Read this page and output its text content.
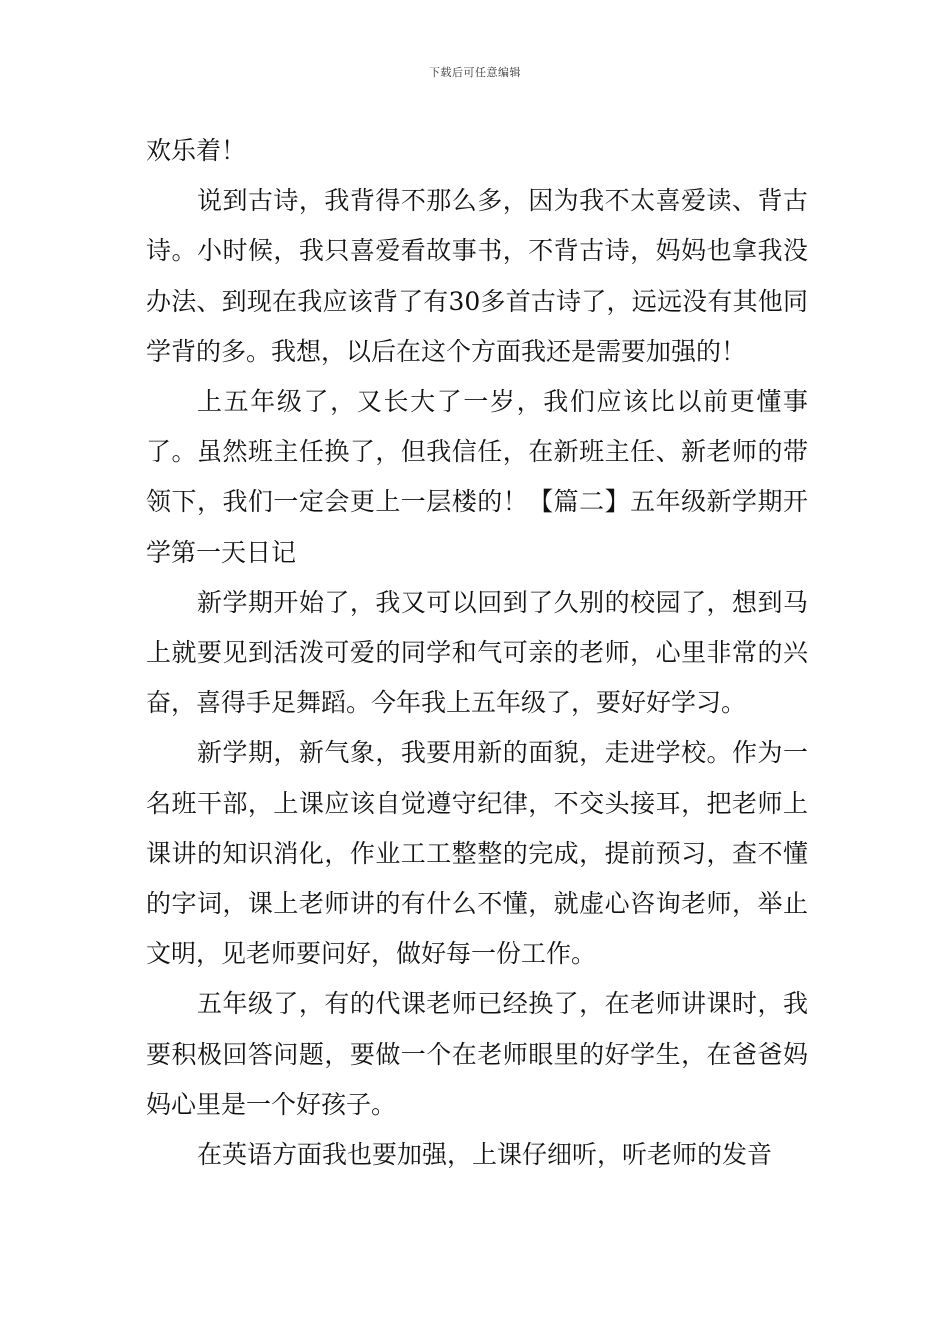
下载后可任意编辑

欢乐着！

说到古诗，我背得不那么多，因为我不太喜爱读、背古诗。小时候，我只喜爱看故事书，不背古诗，妈妈也拿我没办法、到现在我应该背了有30多首古诗了，远远没有其他同学背的多。我想，以后在这个方面我还是需要加强的！

上五年级了，又长大了一岁，我们应该比以前更懂事了。虽然班主任换了，但我信任，在新班主任、新老师的带领下，我们一定会更上一层楼的！【篇二】五年级新学期开学第一天日记

新学期开始了，我又可以回到了久别的校园了，想到马上就要见到活泼可爱的同学和气可亲的老师，心里非常的兴奋，喜得手足舞蹈。今年我上五年级了，要好好学习。

新学期，新气象，我要用新的面貌，走进学校。作为一名班干部，上课应该自觉遵守纪律，不交头接耳，把老师上课讲的知识消化，作业工工整整的完成，提前预习，查不懂的字词，课上老师讲的有什么不懂，就虚心咨询老师，举止文明，见老师要问好，做好每一份工作。

五年级了，有的代课老师已经换了，在老师讲课时，我要积极回答问题，要做一个在老师眼里的好学生，在爸爸妈妈心里是一个好孩子。

在英语方面我也要加强，上课仔细听，听老师的发音
